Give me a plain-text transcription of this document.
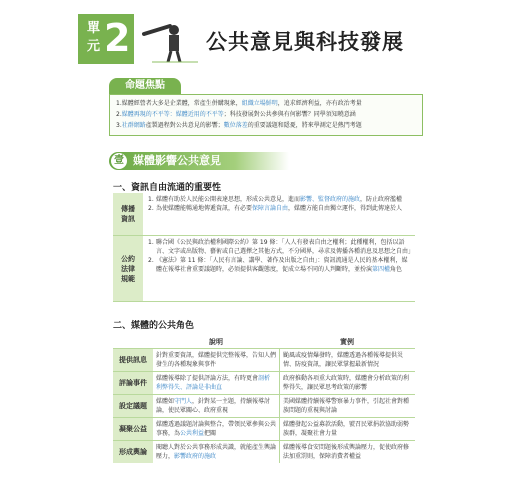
單
元 2	公共意見與科技發展
命題焦點
1.媒體經營者大多是企業體，常產生併購現象，組織立場鮮明，追求經濟利益，亦有政治考量
2.媒體再現的不平等：媒體近用的不平等；科技發展對公共參與有何影響？同學須知曉意涵
3.社群網路產製過程對公共意見的影響；數位落差的重要議題和隱憂，將來學測定是熱門考題
壹 媒體影響公共意見
一、資訊自由流通的重要性
傳播
資訊
1. 媒體有助於人民能公開表達思想，形成公共意見，進而影響、監督政府的施政，防止政府濫權
2. 為使媒體能暢通地傳遞資訊，有必要保障言論自由，媒體方能自由獨立運作，得到此傳達於人
公約
法律
規範
1. 聯合國《公民與政治權利國際公約》第 19 條：「人人有發表自由之權利；此種權利，包括以語言、文字或出版物、藝術或自己選擇之其他方式，不分國界，尋求及傳播各種消息及思想之自由」
2. 《憲法》第 11 條：「人民有言論、講學、著作及出版之自由」：資訊流通是人民的基本權利，媒體在報導社會重要議題時，必須提供客觀態度，促成立場不同的人判斷時，並扮演第四權角色
二、媒體的公共角色
說明	實例
提供訊息
針對重要資訊，媒體提供完整報導，告知人們發生的各種現象與事件
颱風或疫情爆發時，媒體透過各種報導提供災情、防疫資訊，讓民眾掌握最新情況
評論事件
媒體報導除了提供評論方法，有時更會剖析利弊得失、評論是非曲直
政府推動各項重大政策時，媒體會分析政策的利弊得失，讓民眾思考政策的影響
設定議題
媒體如守門人，針對某一主題，持續報導討論，使民眾關心、政府重視
美國媒體持續報導警察暴力事件，引起社會對種族問題的重視與討論
凝聚公益
媒體透過議題討論與整合，帶領民眾參與公共事務，為公共利益把關
媒體發起公益募款活動，號召民眾捐款協助弱勢族群，凝聚社會力量
形成輿論
閱聽人對於公共事務形成共識，就能產生輿論壓力，影響政府的施政
媒體報導食安問題後形成輿論壓力，促使政府修法加重罰則，保障消費者權益
